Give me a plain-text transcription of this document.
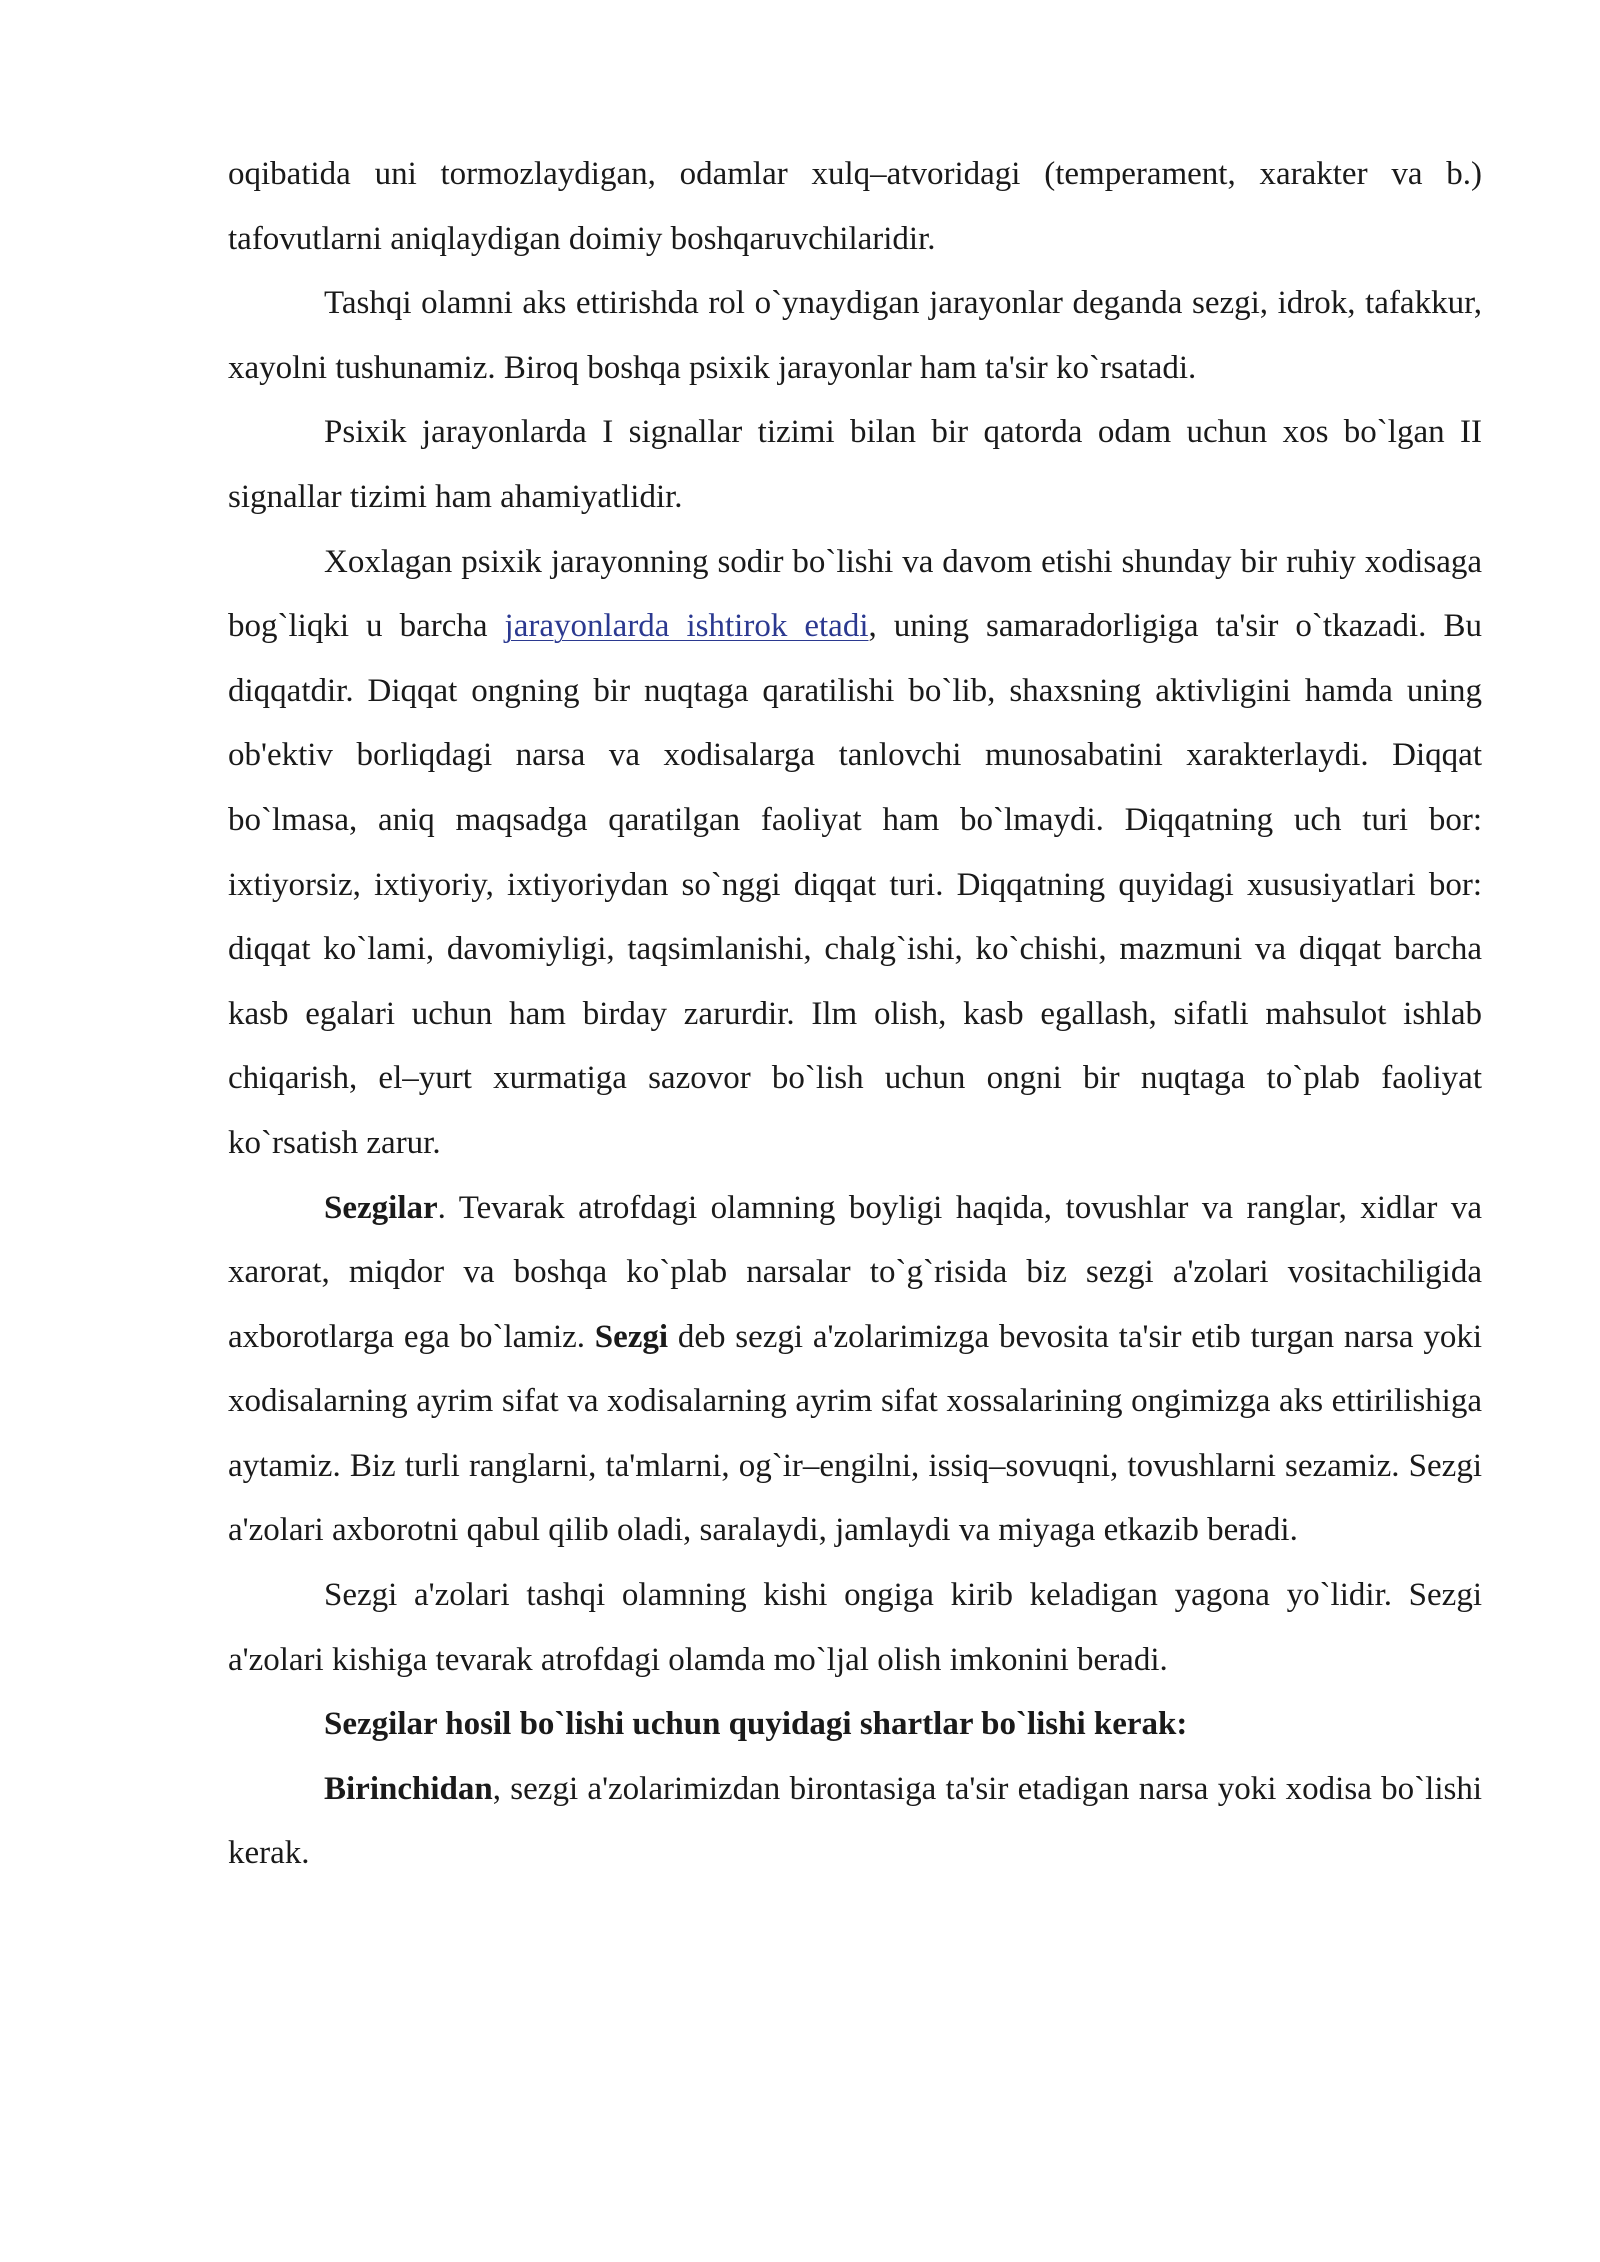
oqibatida uni tormozlaydigan, odamlar xulq–atvoridagi (temperament, xarakter va b.) tafovutlarni aniqlaydigan doimiy boshqaruvchilaridir.

Tashqi olamni aks ettirishda rol o`ynaydigan jarayonlar deganda sezgi, idrok, tafakkur, xayolni tushunamiz. Biroq boshqa psixik jarayonlar ham ta'sir ko`rsatadi.

Psixik jarayonlarda I signallar tizimi bilan bir qatorda odam uchun xos bo`lgan II signallar tizimi ham ahamiyatlidir.

Xoxlagan psixik jarayonning sodir bo`lishi va davom etishi shunday bir ruhiy xodisaga bog`liqki u barcha jarayonlarda ishtirok etadi, uning samaradorligiga ta'sir o`tkazadi. Bu diqqatdir. Diqqat ongning bir nuqtaga qaratilishi bo`lib, shaxsning aktivligini hamda uning ob'ektiv borliqdagi narsa va xodisalarga tanlovchi munosabatini xarakterlaydi. Diqqat bo`lmasa, aniq maqsadga qaratilgan faoliyat ham bo`lmaydi. Diqqatning uch turi bor: ixtiyorsiz, ixtiyoriy, ixtiyoriydan so`nggi diqqat turi. Diqqatning quyidagi xususiyatlari bor: diqqat ko`lami, davomiyligi, taqsimlanishi, chalg`ishi, ko`chishi, mazmuni va diqqat barcha kasb egalari uchun ham birday zarurdir. Ilm olish, kasb egallash, sifatli mahsulot ishlab chiqarish, el–yurt xurmatiga sazovor bo`lish uchun ongni bir nuqtaga to`plab faoliyat ko`rsatish zarur.

Sezgilar. Tevarak atrofdagi olamning boyligi haqida, tovushlar va ranglar, xidlar va xarorat, miqdor va boshqa ko`plab narsalar to`g`risida biz sezgi a'zolari vositachiligida axborotlarga ega bo`lamiz. Sezgi deb sezgi a'zolarimizga bevosita ta'sir etib turgan narsa yoki xodisalarning ayrim sifat va xodisalarning ayrim sifat xossalarining ongimizga aks ettirilishiga aytamiz. Biz turli ranglarni, ta'mlarni, og`ir–engilni, issiq–sovuqni, tovushlarni sezamiz. Sezgi a'zolari axborotni qabul qilib oladi, saralaydi, jamlaydi va miyaga etkazib beradi.

Sezgi a'zolari tashqi olamning kishi ongiga kirib keladigan yagona yo`lidir. Sezgi a'zolari kishiga tevarak atrofdagi olamda mo`ljal olish imkonini beradi.

Sezgilar hosil bo`lishi uchun quyidagi shartlar bo`lishi kerak:

Birinchidan, sezgi a'zolarimizdan birontasiga ta'sir etadigan narsa yoki xodisa bo`lishi kerak.
